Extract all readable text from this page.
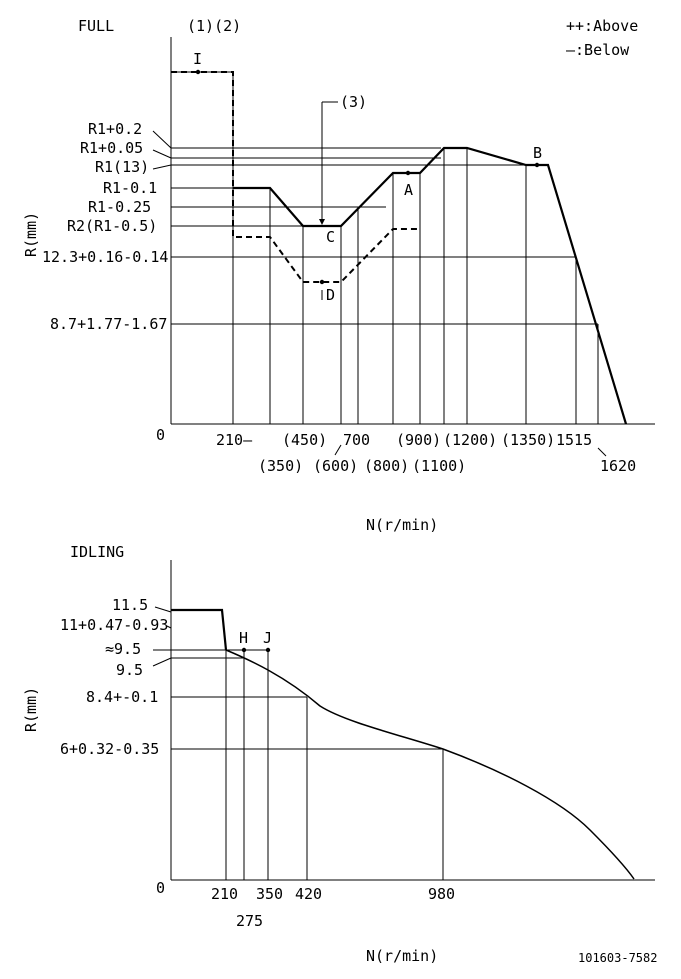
FULL	(1)(2)	++:Above
—:Below
(3)
I
A
B
C
D
R1+0.2
R1+0.05
R1(13)
R1-0.1
R1-0.25
R2(R1-0.5)
12.3+0.16-0.14
8.7+1.77-1.67
0
R(mm)
210—
(350)
(450)
(600)
700
(800)
(900)
(1100)
(1200) (1350) 1515
1620
N(r/min)
IDLING
H J
11.5
11+0.47-0.93
≈9.5
9.5
8.4+-0.1
6+0.32-0.35
0
R(mm)
210
275
350 420	980
N(r/min)	101603-7582
